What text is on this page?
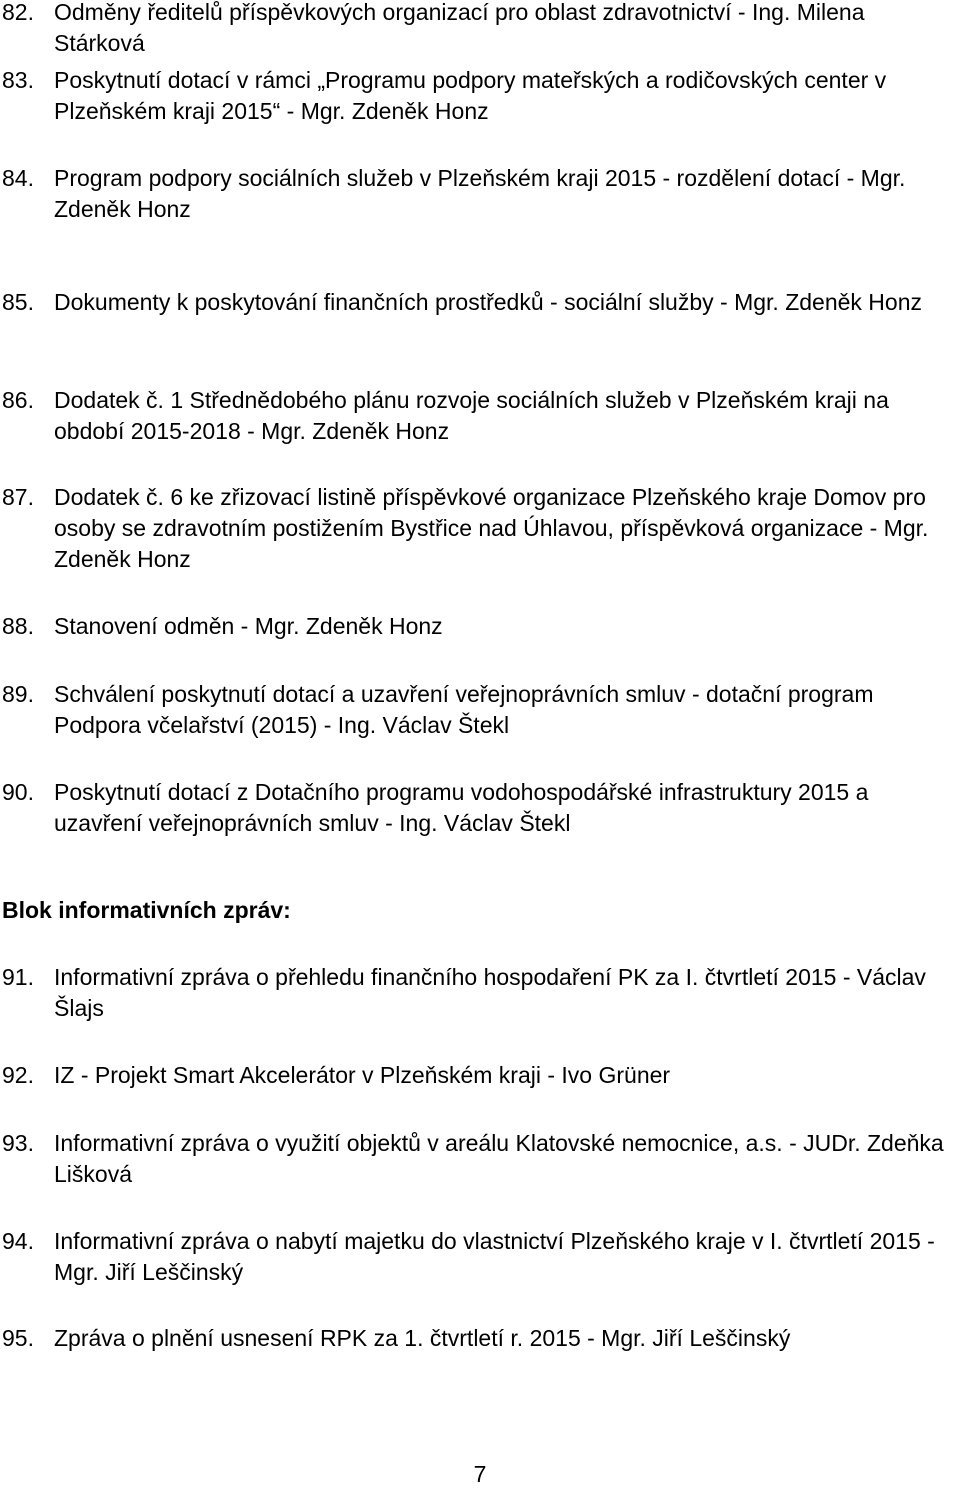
82. Odměny ředitelů příspěvkových organizací pro oblast zdravotnictví - Ing. Milena Stárková
83. Poskytnutí dotací v rámci „Programu podpory mateřských a rodičovských center v Plzeňském kraji 2015“ - Mgr. Zdeněk Honz
84. Program podpory sociálních služeb v Plzeňském kraji 2015 - rozdělení dotací - Mgr. Zdeněk Honz
85. Dokumenty k poskytování finančních prostředků - sociální služby - Mgr. Zdeněk Honz
86. Dodatek č. 1 Střednědobého plánu rozvoje sociálních služeb v Plzeňském kraji na období 2015-2018 - Mgr. Zdeněk Honz
87. Dodatek č. 6 ke zřizovací listině příspěvkové organizace Plzeňského kraje Domov pro osoby se zdravotním postižením Bystřice nad Úhlavou, příspěvková organizace - Mgr. Zdeněk Honz
88. Stanovení odměn - Mgr. Zdeněk Honz
89. Schválení poskytnutí dotací a uzavření veřejnoprávních smluv - dotační program Podpora včelařství (2015) - Ing. Václav Štekl
90. Poskytnutí dotací z Dotačního programu vodohospodářské infrastruktury 2015 a uzavření veřejnoprávních smluv - Ing. Václav Štekl
Blok informativních zpráv:
91. Informativní zpráva o přehledu finančního hospodaření PK za I. čtvrtletí 2015 - Václav Šlajs
92. IZ - Projekt Smart Akcelerátor v Plzeňském kraji - Ivo Grüner
93. Informativní zpráva o využití objektů v areálu Klatovské nemocnice, a.s. - JUDr. Zdeňka Lišková
94. Informativní zpráva o nabytí majetku do vlastnictví Plzeňského kraje v I. čtvrtletí 2015 - Mgr. Jiří Leščinský
95. Zpráva o plnění usnesení RPK za 1. čtvrtletí r. 2015 - Mgr. Jiří Leščinský
7
